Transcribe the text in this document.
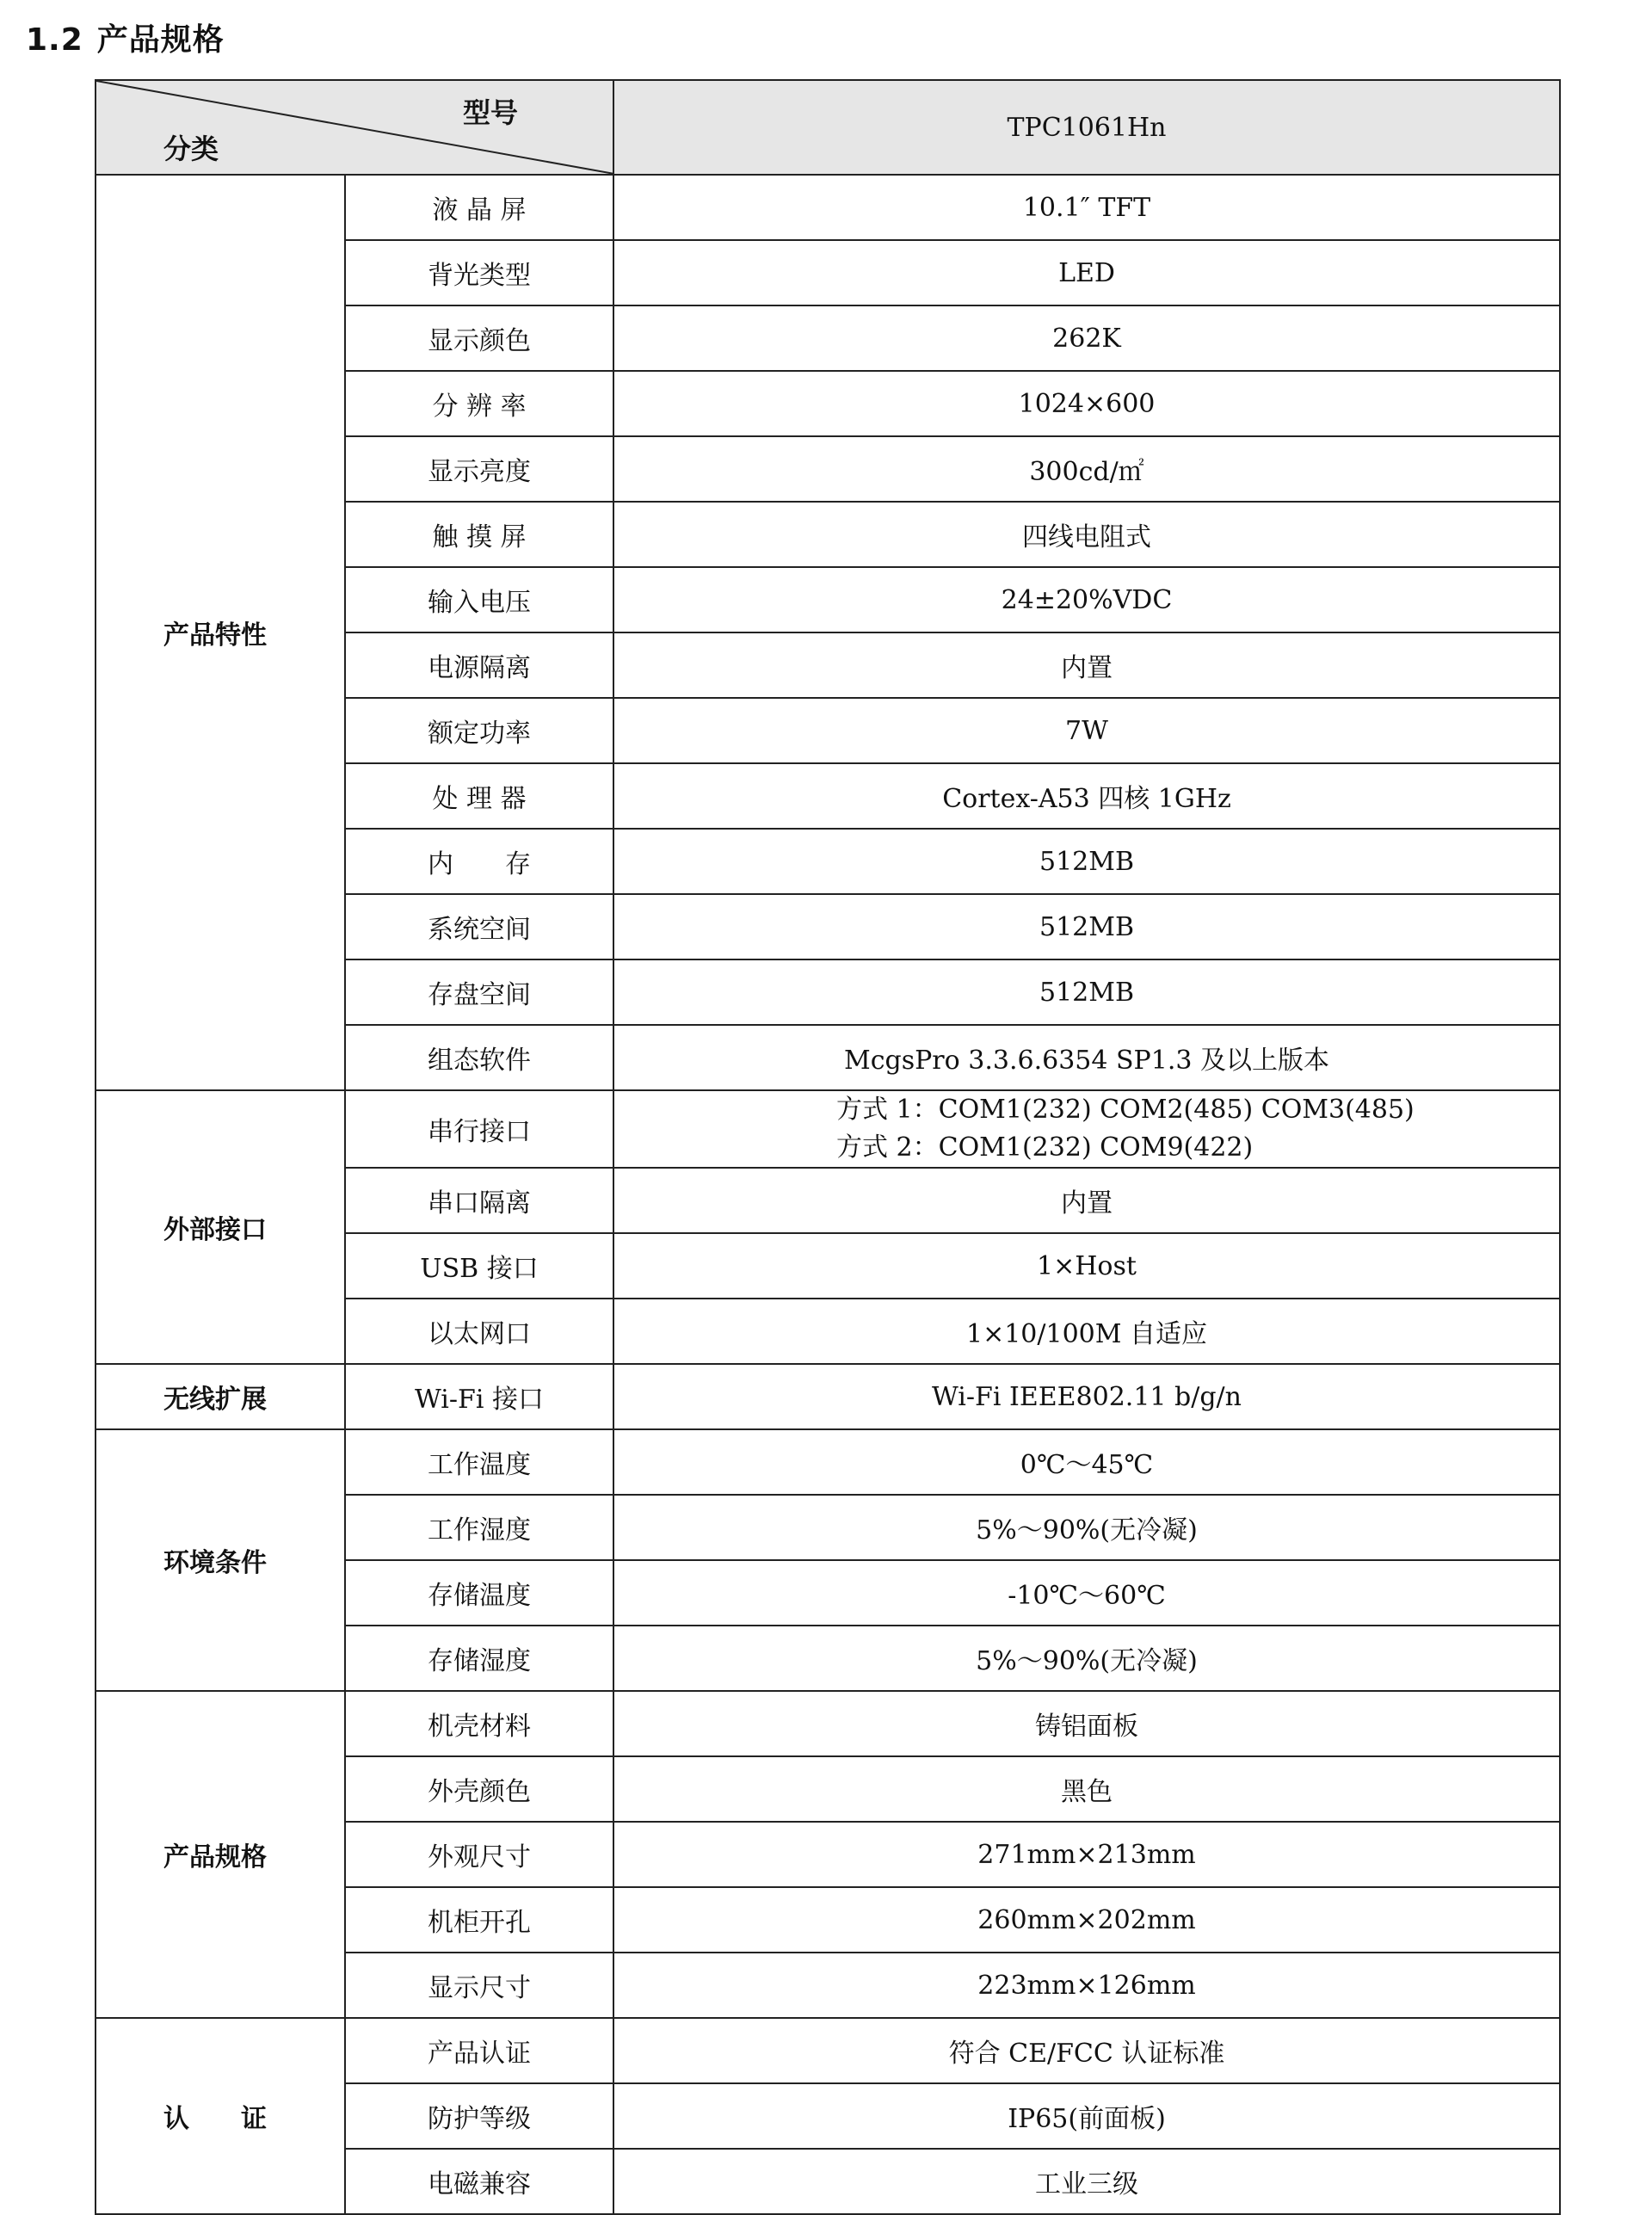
1.2 产品规格
型号
分类		TPC1061Hn
产品特性	液 晶 屏	10.1″ TFT
	背光类型	LED
	显示颜色	262K
	分 辨 率	1024×600
	显示亮度	300cd/㎡
	触 摸 屏	四线电阻式
	输入电压	24±20%VDC
	电源隔离	内置
	额定功率	7W
	处 理 器	Cortex-A53 四核 1GHz
	内　　存	512MB
	系统空间	512MB
	存盘空间	512MB
	组态软件	McgsPro 3.3.6.6354 SP1.3 及以上版本
外部接口	串行接口	方式 1：COM1(232) COM2(485) COM3(485)
方式 2：COM1(232) COM9(422)

	串口隔离	内置
	USB 接口	1×Host
	以太网口	1×10/100M 自适应
无线扩展	Wi-Fi 接口	Wi-Fi IEEE802.11 b/g/n
环境条件	工作温度	0℃～45℃
	工作湿度	5%～90%(无冷凝)
	存储温度	-10℃～60℃
	存储湿度	5%～90%(无冷凝)
产品规格	机壳材料	铸铝面板
	外壳颜色	黑色
	外观尺寸	271mm×213mm
	机柜开孔	260mm×202mm
	显示尺寸	223mm×126mm
认　　证	产品认证	符合 CE/FCC 认证标准
	防护等级	IP65(前面板)
	电磁兼容	工业三级
